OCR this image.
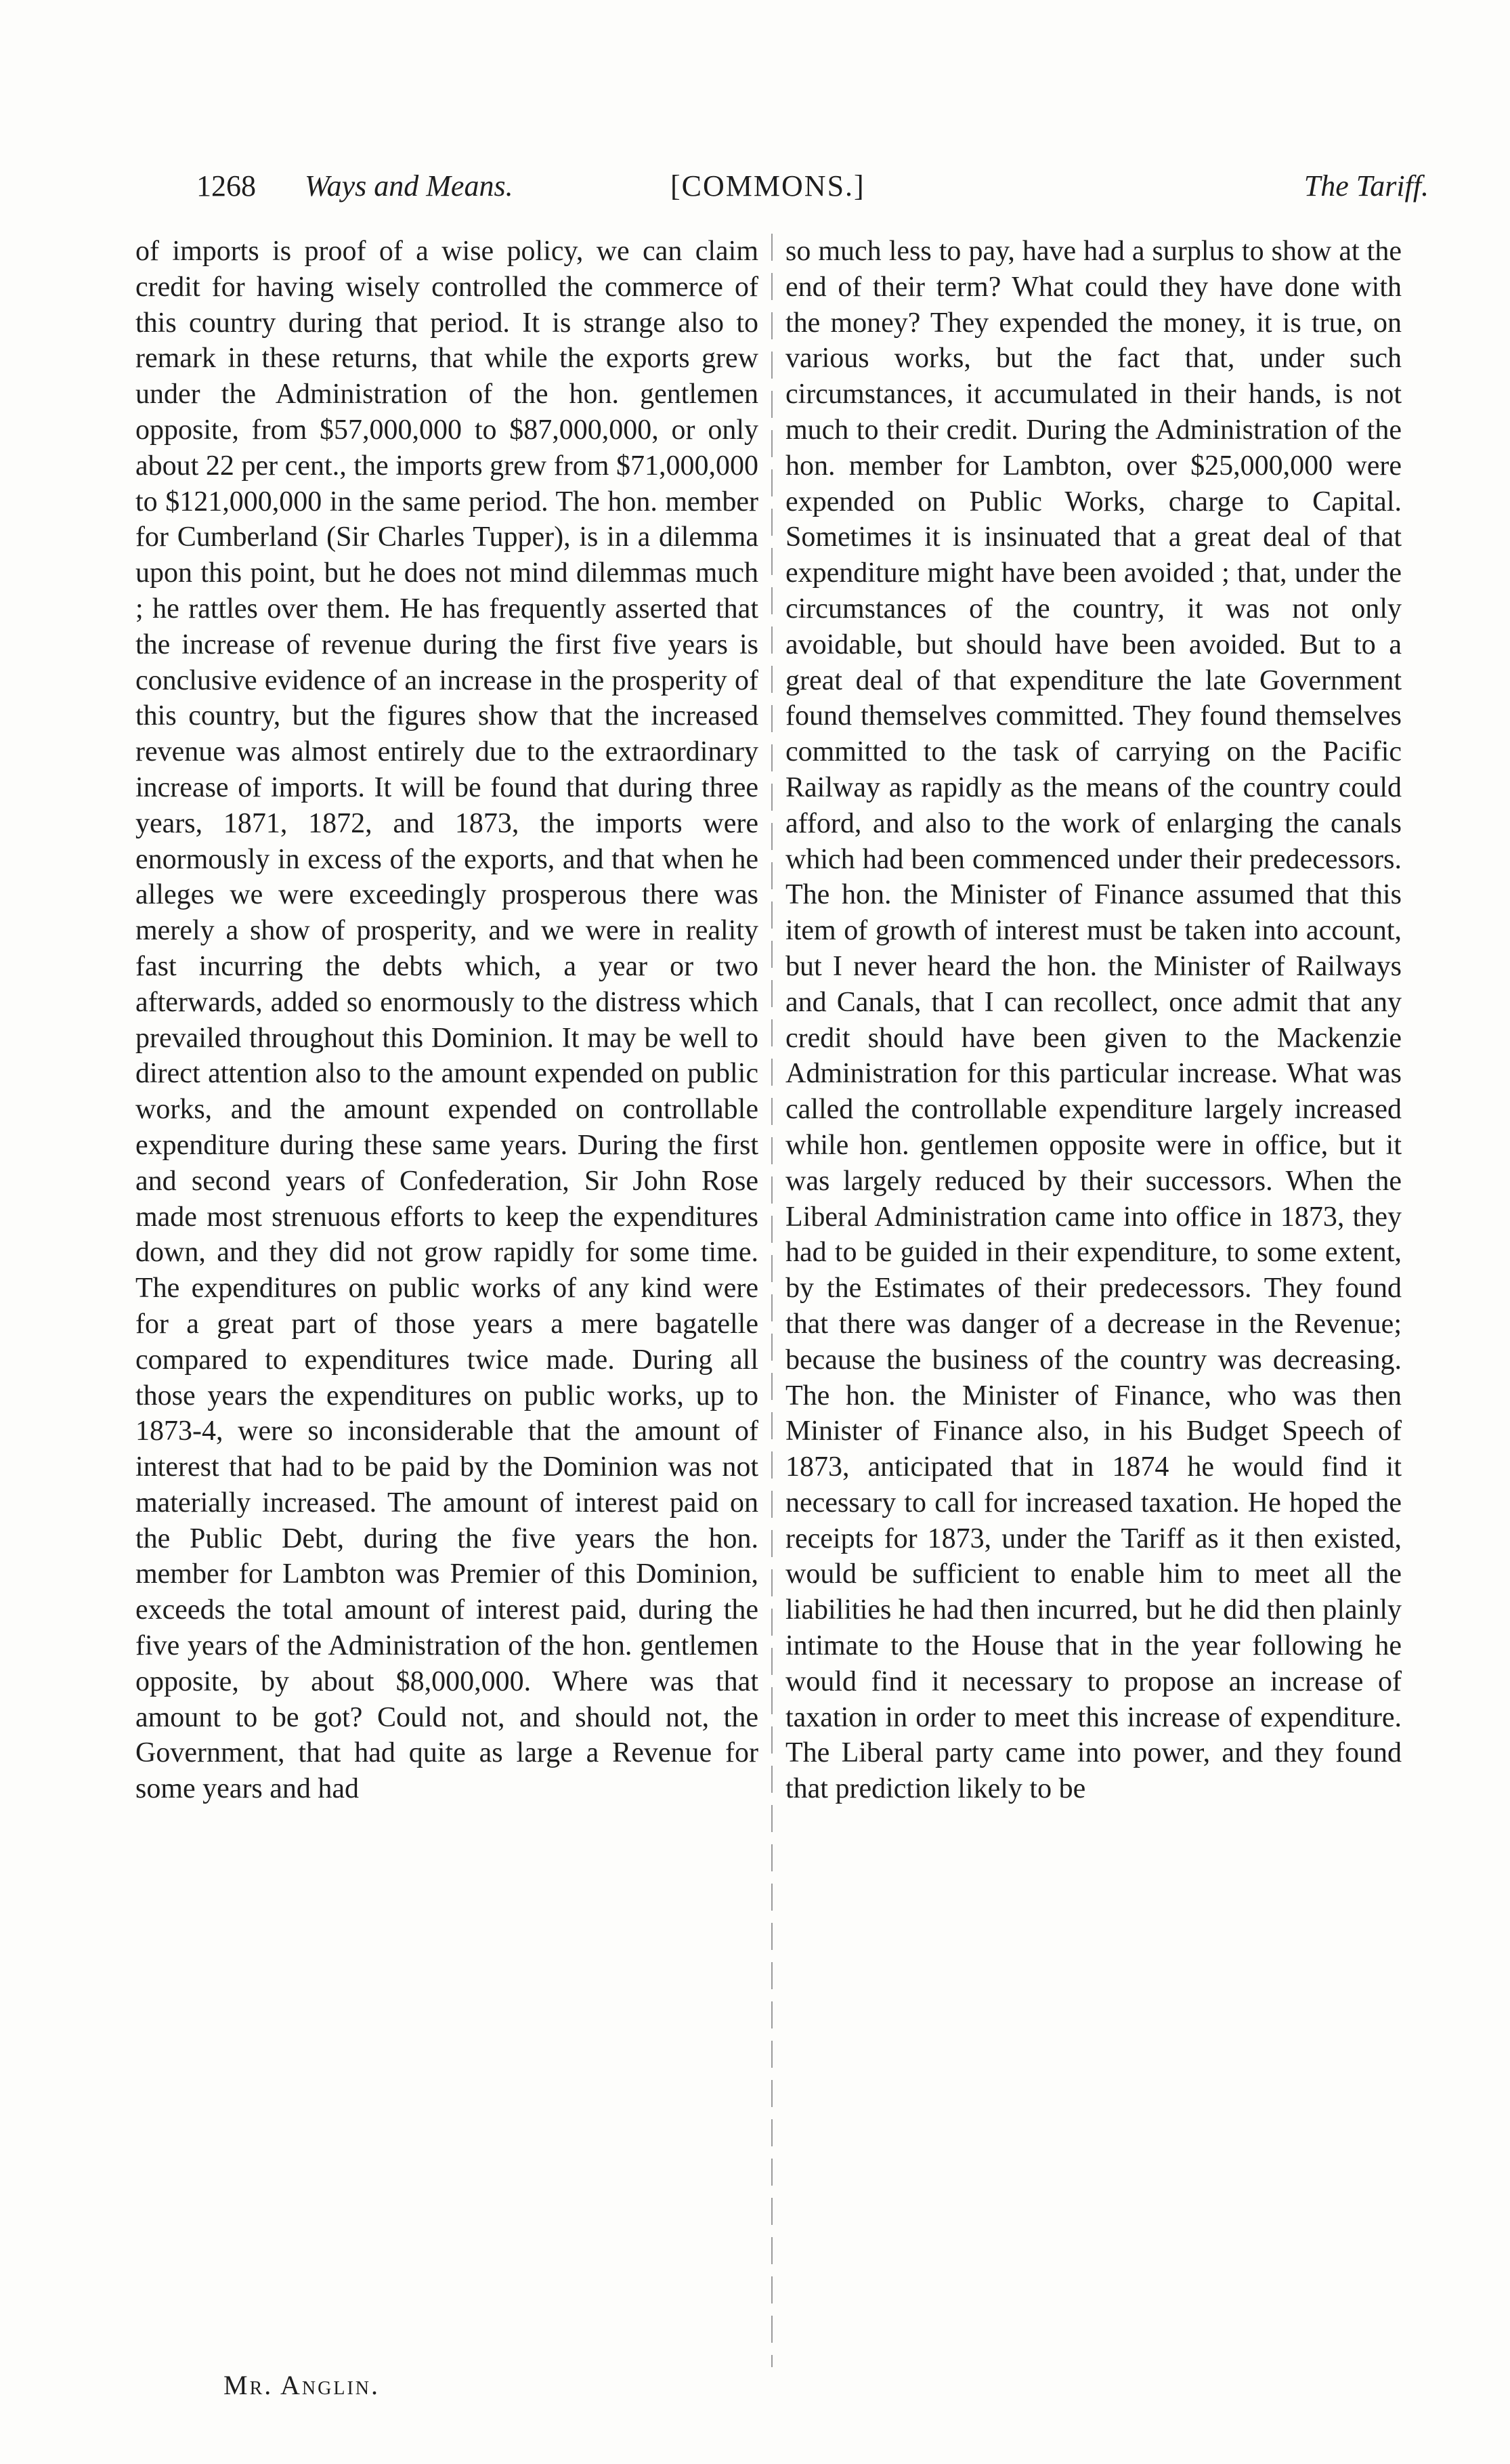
1268 Ways and Means.	[COMMONS.]	The Tariff.
of imports is proof of a wise policy, we can claim credit for having wisely controlled the commerce of this country during that period. It is strange also to remark in these returns, that while the exports grew under the Administration of the hon. gentlemen opposite, from $57,000,000 to $87,000,000, or only about 22 per cent., the imports grew from $71,000,000 to $121,000,000 in the same period. The hon. member for Cumberland (Sir Charles Tupper), is in a dilemma upon this point, but he does not mind dilemmas much ; he rattles over them. He has frequently asserted that the increase of revenue during the first five years is conclusive evidence of an increase in the prosperity of this country, but the figures show that the increased revenue was almost entirely due to the extraordinary increase of imports. It will be found that during three years, 1871, 1872, and 1873, the imports were enormously in excess of the exports, and that when he alleges we were exceedingly prosperous there was merely a show of prosperity, and we were in reality fast incurring the debts which, a year or two afterwards, added so enormously to the distress which prevailed throughout this Dominion. It may be well to direct attention also to the amount expended on public works, and the amount expended on controllable expenditure during these same years. During the first and second years of Confederation, Sir John Rose made most strenuous efforts to keep the expenditures down, and they did not grow rapidly for some time. The expenditures on public works of any kind were for a great part of those years a mere bagatelle compared to expenditures twice made. During all those years the expenditures on public works, up to 1873-4, were so inconsiderable that the amount of interest that had to be paid by the Dominion was not materially increased. The amount of interest paid on the Public Debt, during the five years the hon. member for Lambton was Premier of this Dominion, exceeds the total amount of interest paid, during the five years of the Administration of the hon. gentlemen opposite, by about $8,000,000. Where was that amount to be got? Could not, and should not, the Government, that had quite as large a Revenue for some years and had
so much less to pay, have had a surplus to show at the end of their term? What could they have done with the money? They expended the money, it is true, on various works, but the fact that, under such circumstances, it accumulated in their hands, is not much to their credit. During the Administration of the hon. member for Lambton, over $25,000,000 were expended on Public Works, charge to Capital. Sometimes it is insinuated that a great deal of that expenditure might have been avoided ; that, under the circumstances of the country, it was not only avoidable, but should have been avoided. But to a great deal of that expenditure the late Government found themselves committed. They found themselves committed to the task of carrying on the Pacific Railway as rapidly as the means of the country could afford, and also to the work of enlarging the canals which had been commenced under their predecessors. The hon. the Minister of Finance assumed that this item of growth of interest must be taken into account, but I never heard the hon. the Minister of Railways and Canals, that I can recollect, once admit that any credit should have been given to the Mackenzie Administration for this particular increase. What was called the controllable expenditure largely increased while hon. gentlemen opposite were in office, but it was largely reduced by their successors. When the Liberal Administration came into office in 1873, they had to be guided in their expenditure, to some extent, by the Estimates of their predecessors. They found that there was danger of a decrease in the Revenue; because the business of the country was decreasing. The hon. the Minister of Finance, who was then Minister of Finance also, in his Budget Speech of 1873, anticipated that in 1874 he would find it necessary to call for increased taxation. He hoped the receipts for 1873, under the Tariff as it then existed, would be sufficient to enable him to meet all the liabilities he had then incurred, but he did then plainly intimate to the House that in the year following he would find it necessary to propose an increase of taxation in order to meet this increase of expenditure. The Liberal party came into power, and they found that prediction likely to be
Mr. Anglin.
